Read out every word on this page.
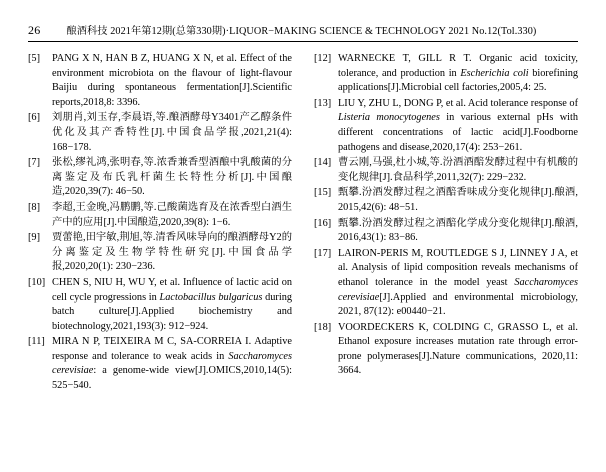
26	酿酒科技 2021年第12期(总第330期)·LIQUOR−MAKING SCIENCE & TECHNOLOGY 2021 No.12(Tol.330)
[5]	PANG X N, HAN B Z, HUANG X N, et al. Effect of the environment microbiota on the flavour of light-flavour Baijiu during spontaneous fermentation[J].Scientific reports,2018,8: 3396.
[6]	刘朋肖,刘玉存,李晨语,等.酿酒酵母Y3401产乙醇条件优化及其产香特性[J].中国食品学报,2021,21(4): 168−178.
[7]	张松,缪礼鸿,张明春,等.浓香兼香型酒酿中乳酸菌的分离鉴定及布氏乳杆菌生长特性分析[J].中国酿造,2020,39(7): 46−50.
[8]	李超,王金晚,冯鹏鹏,等.己酸菌选育及在浓香型白酒生产中的应用[J].中国酿造,2020,39(8): 1−6.
[9]	贾蕾艳,田宇敏,荆旭,等.清香风味导向的酿酒酵母Y2的分离鉴定及生物学特性研究[J].中国食品学报,2020,20(1): 230−236.
[10] CHEN S, NIU H, WU Y, et al. Influence of lactic acid on cell cycle progressions in Lactobacillus bulgaricus during batch culture[J].Applied biochemistry and biotechnology,2021,193(3): 912−924.
[11] MIRA N P, TEIXEIRA M C, SA-CORREIA I. Adaptive response and tolerance to weak acids in Saccharomyces cerevisiae: a genome-wide view[J].OMICS,2010,14(5): 525−540.
[12] WARNECKE T, GILL R T. Organic acid toxicity, tolerance, and production in Escherichia coli biorefining applications[J].Microbial cell factories,2005,4: 25.
[13] LIU Y, ZHU L, DONG P, et al. Acid tolerance response of Listeria monocytogenes in various external pHs with different concentrations of lactic acid[J].Foodborne pathogens and disease,2020,17(4): 253−261.
[14] 曹云刚,马强,杜小城,等.汾酒酒醅发酵过程中有机酸的变化规律[J].食品科学,2011,32(7): 229−232.
[15] 甄攀.汾酒发酵过程之酒醅香味成分变化规律[J].酿酒, 2015,42(6): 48−51.
[16] 甄攀.汾酒发酵过程之酒醅化学成分变化规律[J].酿酒, 2016,43(1): 83−86.
[17] LAIRON-PERIS M, ROUTLEDGE S J, LINNEY J A, et al. Analysis of lipid composition reveals mechanisms of ethanol tolerance in the model yeast Saccharomyces cerevisiae[J].Applied and environmental microbiology, 2021, 87(12): e00440−21.
[18] VOORDECKERS K, COLDING C, GRASSO L, et al. Ethanol exposure increases mutation rate through error-prone polymerases[J].Nature communications, 2020,11: 3664.
